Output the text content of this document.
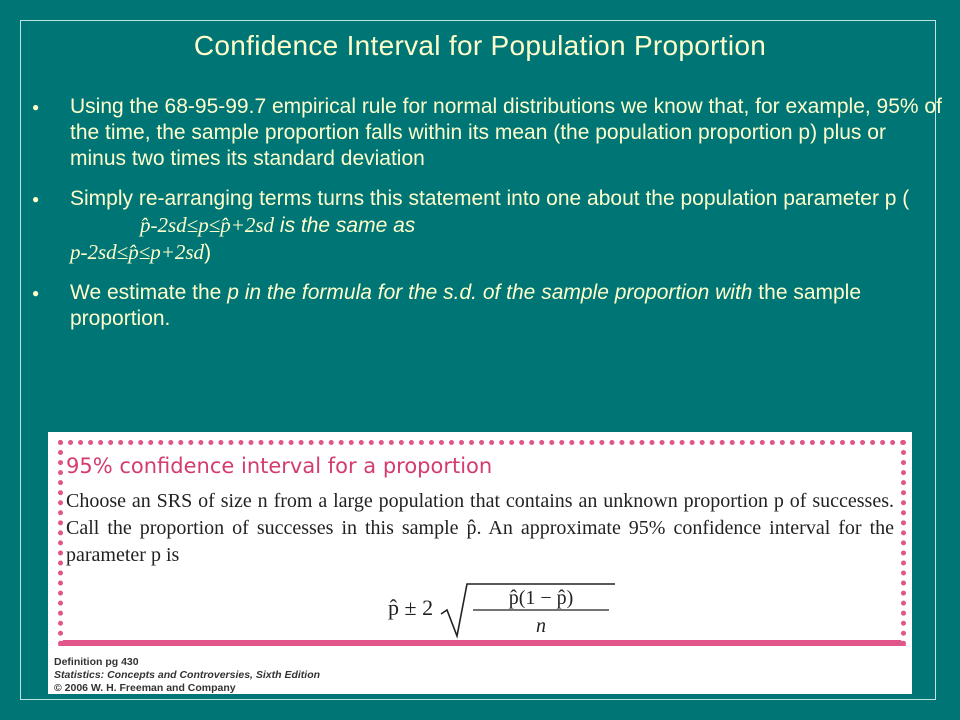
Confidence Interval for Population Proportion
● Using the 68-95-99.7 empirical rule for normal distributions we know that, for example, 95% of the time, the sample proportion falls within its mean (the population proportion p) plus or minus two times its standard deviation
● Simply re-arranging terms turns this statement into one about the population parameter p (p̂-2sd≤p≤p̂+2sd is the same as
p-2sd≤p̂≤p+2sd)
● We estimate the p in the formula for the s.d. of the sample proportion with the sample proportion.
95% confidence interval for a proportion
Choose an SRS of size n from a large population that contains an unknown proportion p of successes. Call the proportion of successes in this sample p̂. An approximate 95% confidence interval for the parameter p is
p̂ ± 2	p̂(1 − p̂)
n
Definition pg 430
Statistics: Concepts and Controversies, Sixth Edition
© 2006 W. H. Freeman and Company
